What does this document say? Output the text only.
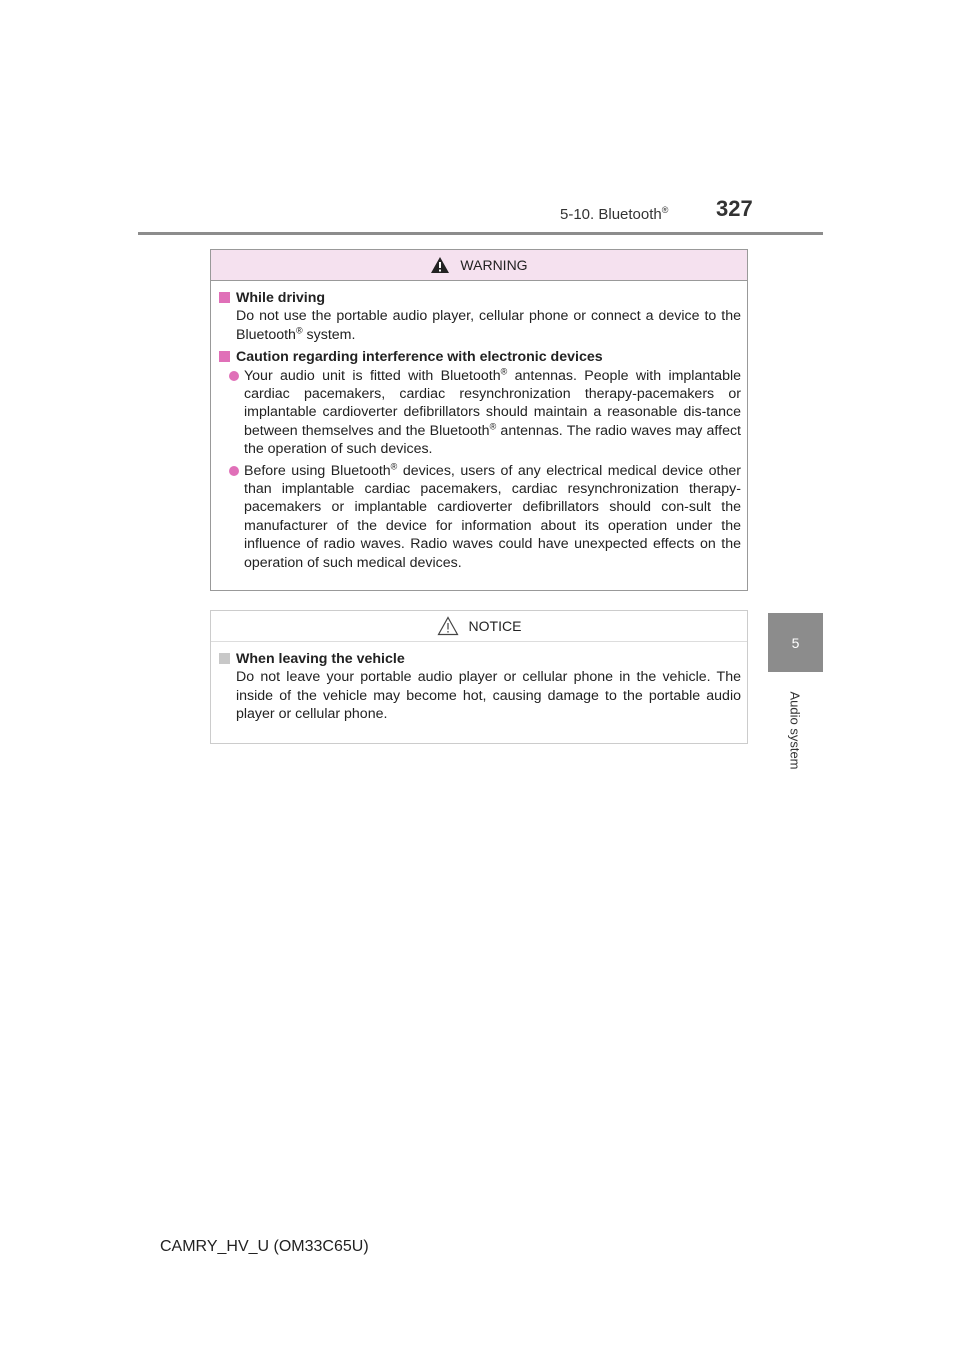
5-10. Bluetooth®	327
5
Audio system
WARNING
While driving
Do not use the portable audio player, cellular phone or connect a device to the Bluetooth® system.
Caution regarding interference with electronic devices
Your audio unit is fitted with Bluetooth® antennas. People with implantable cardiac pacemakers, cardiac resynchronization therapy-pacemakers or implantable cardioverter defibrillators should maintain a reasonable dis-tance between themselves and the Bluetooth® antennas. The radio waves may affect the operation of such devices.
Before using Bluetooth® devices, users of any electrical medical device other than implantable cardiac pacemakers, cardiac resynchronization therapy-pacemakers or implantable cardioverter defibrillators should con-sult the manufacturer of the device for information about its operation under the influence of radio waves. Radio waves could have unexpected effects on the operation of such medical devices.
NOTICE
When leaving the vehicle
Do not leave your portable audio player or cellular phone in the vehicle. The inside of the vehicle may become hot, causing damage to the portable audio player or cellular phone.
CAMRY_HV_U (OM33C65U)
